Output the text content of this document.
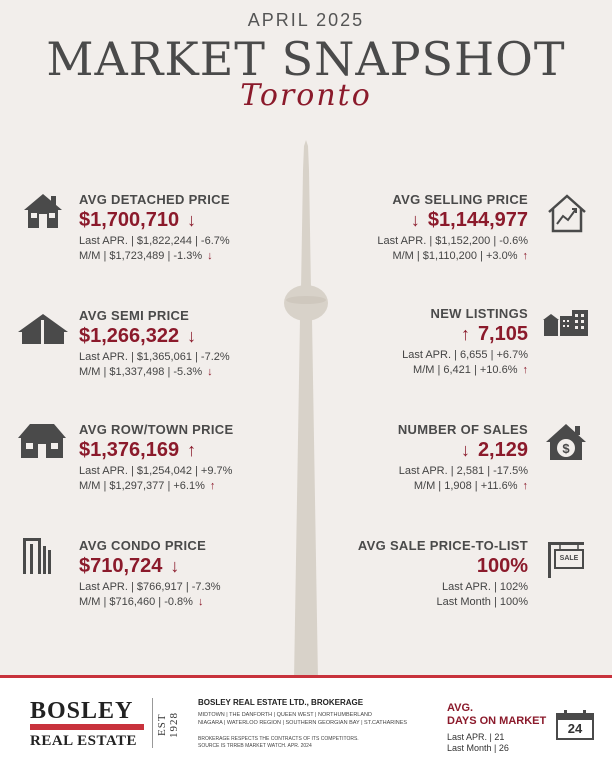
APRIL 2025
MARKET SNAPSHOT
Toronto
AVG DETACHED PRICE
$1,700,710 ↓
Last APR. | $1,822,244 | -6.7%
M/M | $1,723,489 | -1.3% ↓
AVG SEMI PRICE
$1,266,322 ↓
Last APR. | $1,365,061 | -7.2%
M/M | $1,337,498 | -5.3% ↓
AVG ROW/TOWN PRICE
$1,376,169 ↑
Last APR. | $1,254,042 | +9.7%
M/M | $1,297,377 | +6.1% ↑
AVG CONDO PRICE
$710,724 ↓
Last APR. | $766,917 | -7.3%
M/M | $716,460 | -0.8% ↓
AVG SELLING PRICE
↓ $1,144,977
Last APR. | $1,152,200 | -0.6%
M/M | $1,110,200 | +3.0% ↑
NEW LISTINGS
↑ 7,105
Last APR. | 6,655 | +6.7%
M/M | 6,421 | +10.6% ↑
NUMBER OF SALES
↓ 2,129
Last APR. | 2,581 | -17.5%
M/M | 1,908 | +11.6% ↑
$
AVG SALE PRICE-TO-LIST
100%
Last APR. | 102%
Last Month | 100%
SALE
BOSLEY
REAL ESTATE
EST 1928
BOSLEY REAL ESTATE LTD., BROKERAGE
MIDTOWN | THE DANFORTH | QUEEN WEST | NORTHUMBERLAND
NIAGARA | WATERLOO REGION | SOUTHERN GEORGIAN BAY | ST.CATHARINES
BROKERAGE RESPECTS THE CONTRACTS OF ITS COMPETITORS.
SOURCE IS TRREB MARKET WATCH. APR. 2024
AVG.
DAYS ON MARKET
Last APR. | 21
Last Month | 26
24
